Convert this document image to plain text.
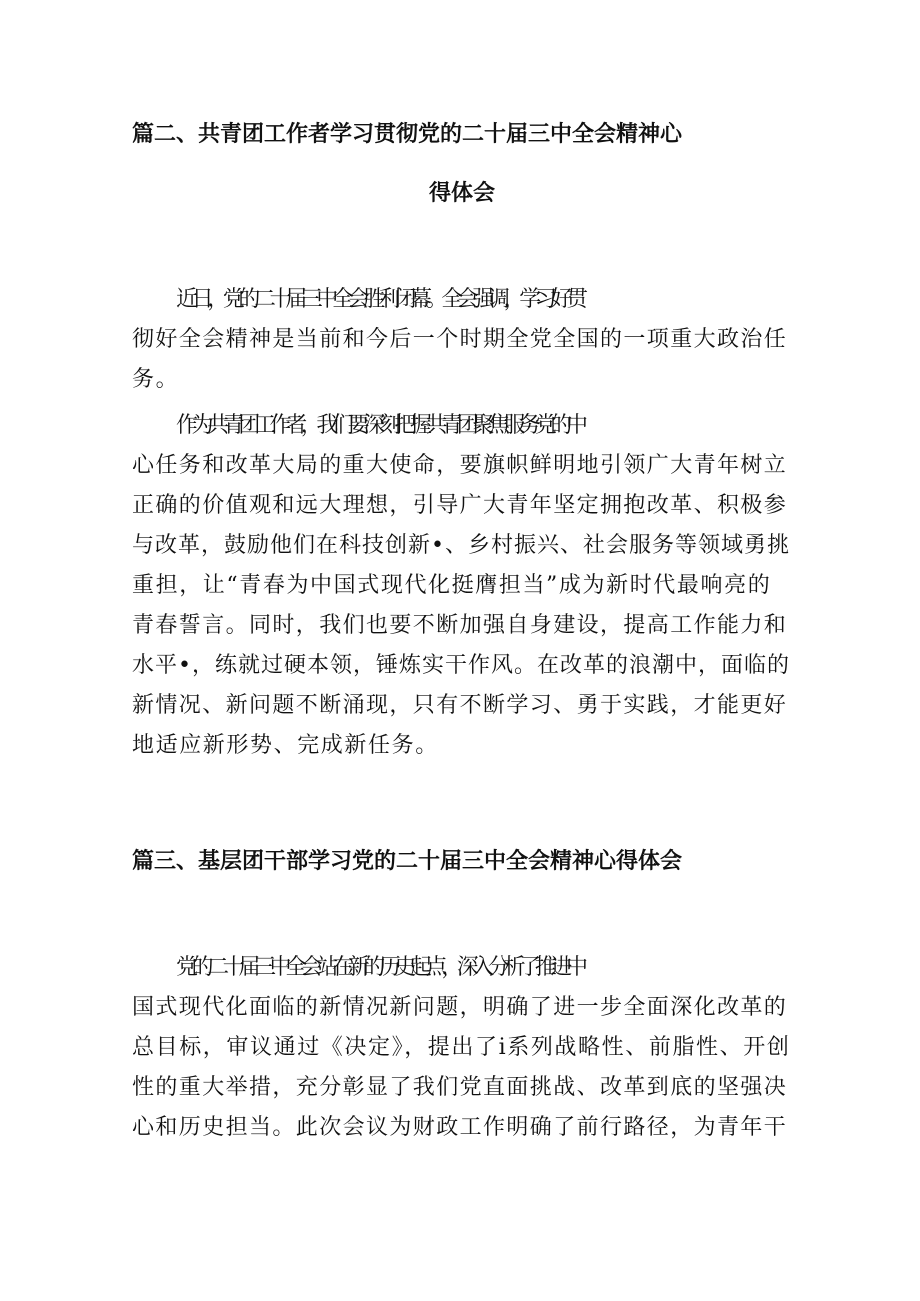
篇二、共青团工作者学习贯彻党的二十届三中全会精神心
得体会
近日，党的二十届三中全会胜利闭幕。全会强调，学习好贯
彻好全会精神是当前和今后一个时期全党全国的一项重大政治任
务。
作为共青团工作者，我们要深刻把握共青团聚焦服务党的中
心任务和改革大局的重大使命，要旗帜鲜明地引领广大青年树立
正确的价值观和远大理想，引导广大青年坚定拥抱改革、积极参
与改革，鼓励他们在科技创新•、乡村振兴、社会服务等领域勇挑
重担，让“青春为中国式现代化挺膺担当”成为新时代最响亮的
青春誓言。同时，我们也要不断加强自身建设，提高工作能力和
水平•，练就过硬本领，锤炼实干作风。在改革的浪潮中，面临的
新情况、新问题不断涌现，只有不断学习、勇于实践，才能更好
地适应新形势、完成新任务。
篇三、基层团干部学习党的二十届三中全会精神心得体会
党的二十届三中全会站在新的历史起点，深入分析了推进中
国式现代化面临的新情况新问题，明确了进一步全面深化改革的
总目标，审议通过《决定》，提出了i系列战略性、前脂性、开创
性的重大举措，充分彰显了我们党直面挑战、改革到底的坚强决
心和历史担当。此次会议为财政工作明确了前行路径，为青年干
